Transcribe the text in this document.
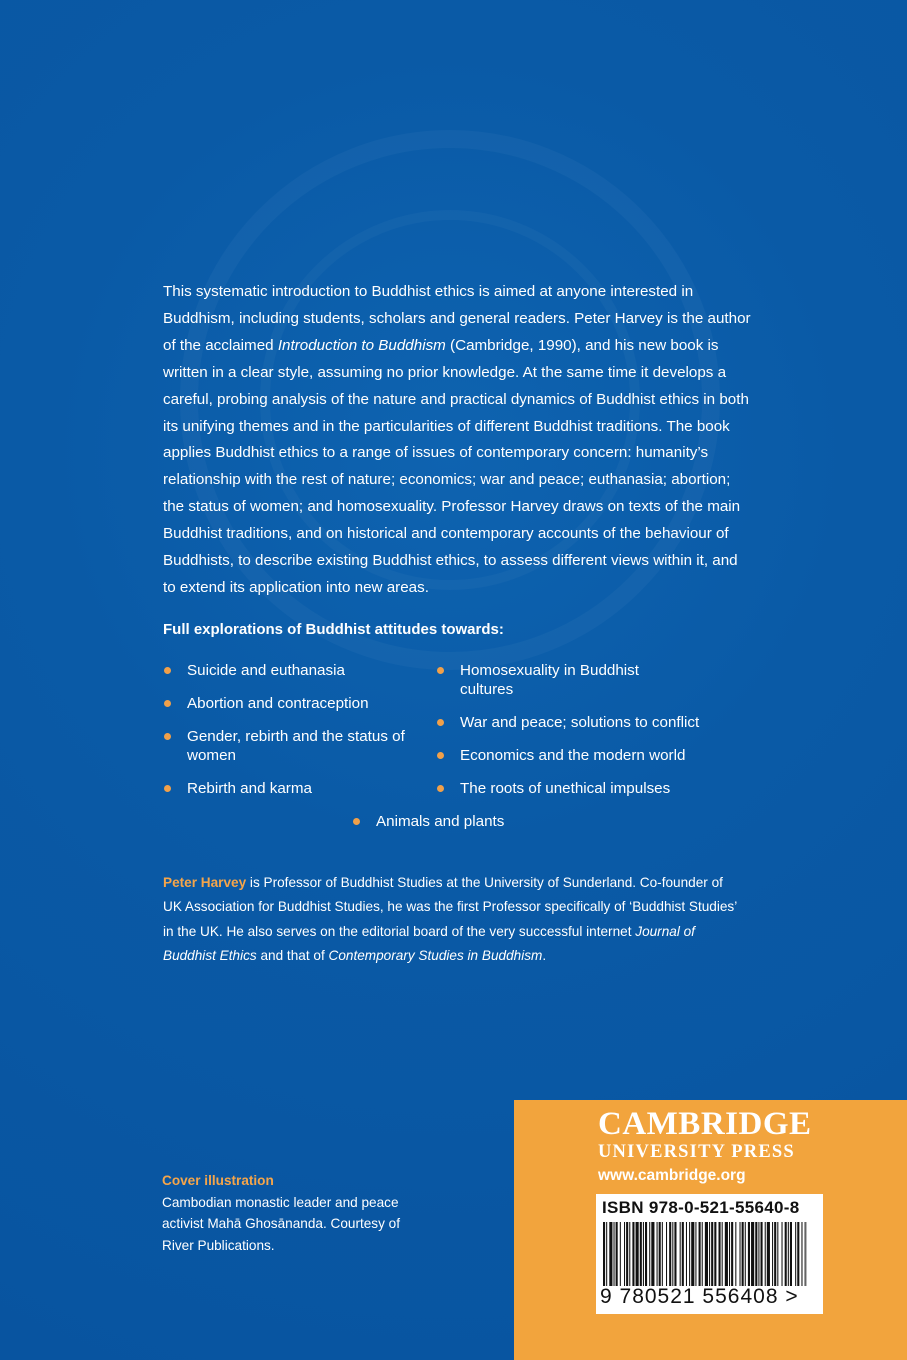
This systematic introduction to Buddhist ethics is aimed at anyone interested in Buddhism, including students, scholars and general readers. Peter Harvey is the author of the acclaimed Introduction to Buddhism (Cambridge, 1990), and his new book is written in a clear style, assuming no prior knowledge. At the same time it develops a careful, probing analysis of the nature and practical dynamics of Buddhist ethics in both its unifying themes and in the particularities of different Buddhist traditions. The book applies Buddhist ethics to a range of issues of contemporary concern: humanity’s relationship with the rest of nature; economics; war and peace; euthanasia; abortion; the status of women; and homosexuality. Professor Harvey draws on texts of the main Buddhist traditions, and on historical and contemporary accounts of the behaviour of Buddhists, to describe existing Buddhist ethics, to assess different views within it, and to extend its application into new areas.

Full explorations of Buddhist attitudes towards:

Suicide and euthanasia
Abortion and contraception
Gender, rebirth and the status of women
Rebirth and karma
Homosexuality in Buddhist cultures
War and peace; solutions to conflict
Economics and the modern world
The roots of unethical impulses
Animals and plants

Peter Harvey is Professor of Buddhist Studies at the University of Sunderland. Co-founder of UK Association for Buddhist Studies, he was the first Professor specifically of ‘Buddhist Studies’ in the UK. He also serves on the editorial board of the very successful internet Journal of Buddhist Ethics and that of Contemporary Studies in Buddhism.

Cover illustration
Cambodian monastic leader and peace activist Mahā Ghosānanda. Courtesy of River Publications.
CAMBRIDGE
UNIVERSITY PRESS
www.cambridge.org
ISBN 978-0-521-55640-8
9 780521 556408 >
